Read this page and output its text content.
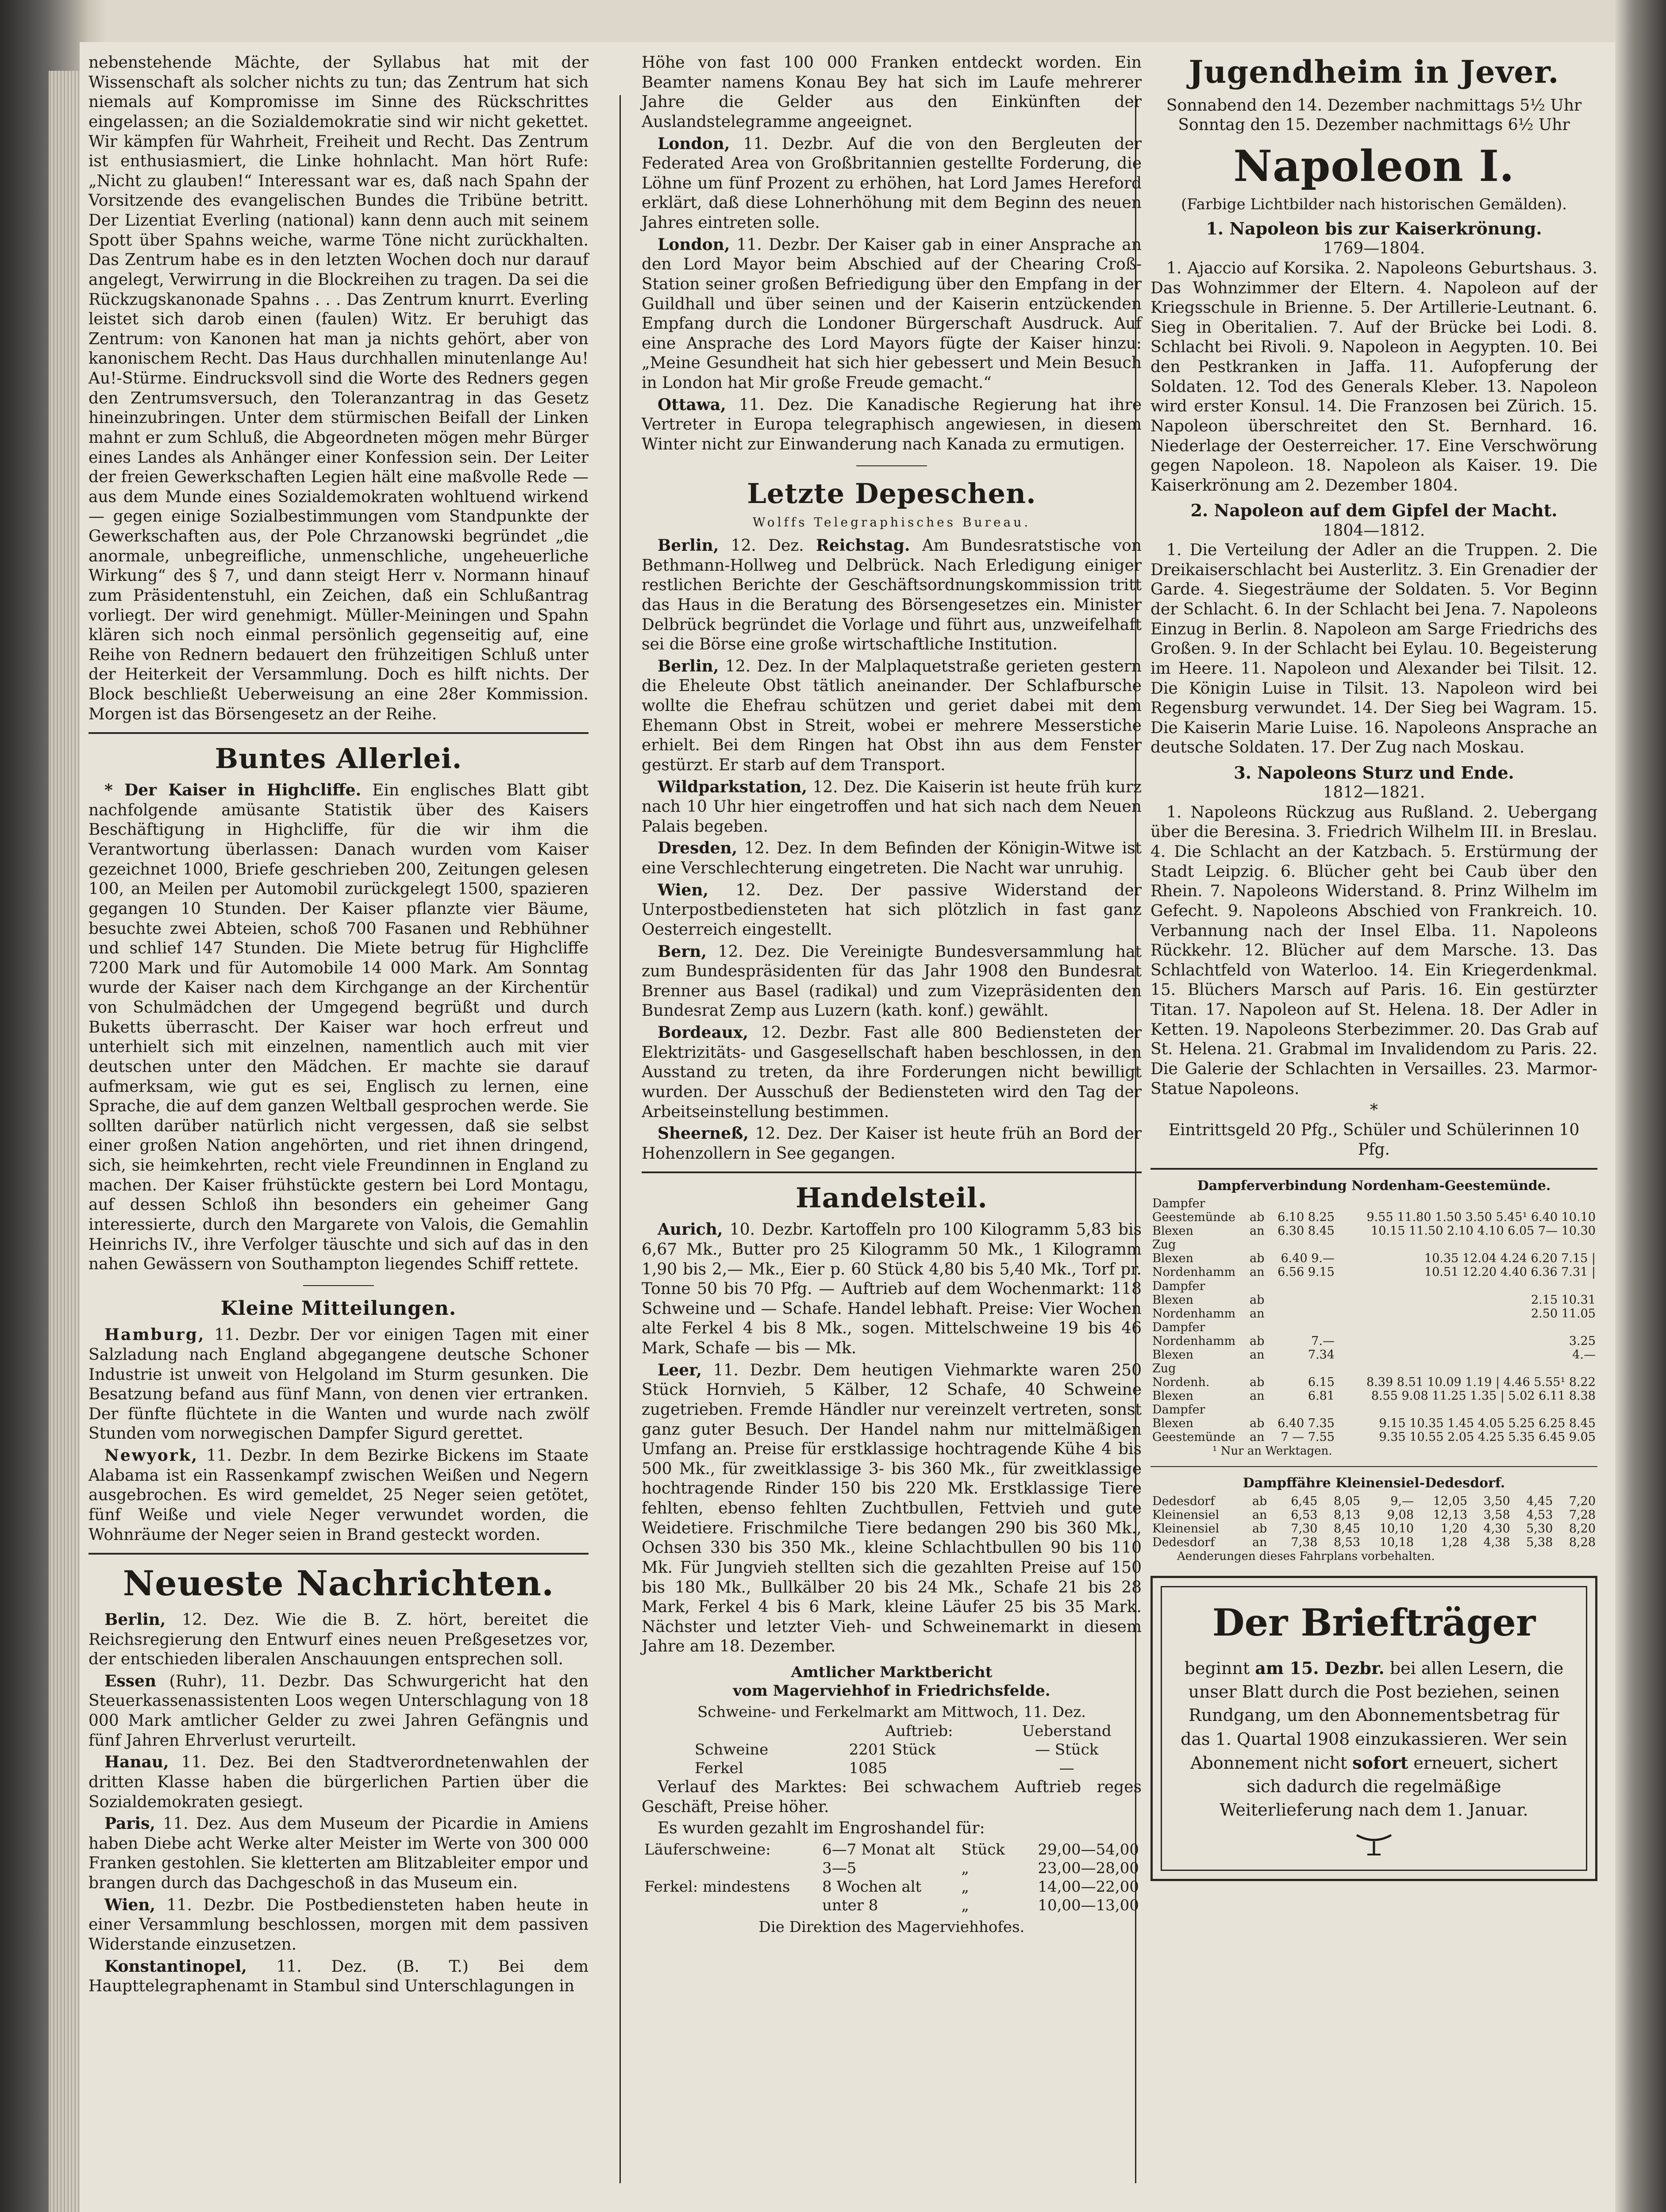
nebenstehende Mächte, der Syllabus hat mit der Wissenschaft als solcher nichts zu tun; das Zentrum hat sich niemals auf Kompromisse im Sinne des Rückschrittes eingelassen; an die Sozialdemokratie sind wir nicht gekettet. Wir kämpfen für Wahrheit, Freiheit und Recht. Das Zentrum ist enthusiasmiert, die Linke hohnlacht. Man hört Rufe: „Nicht zu glauben!“ Interessant war es, daß nach Spahn der Vorsitzende des evangelischen Bundes die Tribüne betritt. Der Lizentiat Everling (national) kann denn auch mit seinem Spott über Spahns weiche, warme Töne nicht zurückhalten. Das Zentrum habe es in den letzten Wochen doch nur darauf angelegt, Verwirrung in die Blockreihen zu tragen. Da sei die Rückzugskanonade Spahns . . . Das Zentrum knurrt. Everling leistet sich darob einen (faulen) Witz. Er beruhigt das Zentrum: von Kanonen hat man ja nichts gehört, aber von kanonischem Recht. Das Haus durchhallen minutenlange Au! Au!-Stürme. Eindrucksvoll sind die Worte des Redners gegen den Zentrumsversuch, den Toleranzantrag in das Gesetz hineinzubringen. Unter dem stürmischen Beifall der Linken mahnt er zum Schluß, die Abgeordneten mögen mehr Bürger eines Landes als Anhänger einer Konfession sein. Der Leiter der freien Gewerkschaften Legien hält eine maßvolle Rede — aus dem Munde eines Sozialdemokraten wohltuend wirkend — gegen einige Sozialbestimmungen vom Standpunkte der Gewerkschaften aus, der Pole Chrzanowski begründet „die anormale, unbegreifliche, unmenschliche, ungeheuerliche Wirkung“ des § 7, und dann steigt Herr v. Normann hinauf zum Präsidentenstuhl, ein Zeichen, daß ein Schlußantrag vorliegt. Der wird genehmigt. Müller-Meiningen und Spahn klären sich noch einmal persönlich gegenseitig auf, eine Reihe von Rednern bedauert den frühzeitigen Schluß unter der Heiterkeit der Versammlung. Doch es hilft nichts. Der Block beschließt Ueberweisung an eine 28er Kommission. Morgen ist das Börsengesetz an der Reihe.

Buntes Allerlei.

* Der Kaiser in Highcliffe. Ein englisches Blatt gibt nachfolgende amüsante Statistik über des Kaisers Beschäftigung in Highcliffe, für die wir ihm die Verantwortung überlassen: Danach wurden vom Kaiser gezeichnet 1000, Briefe geschrieben 200, Zeitungen gelesen 100, an Meilen per Automobil zurückgelegt 1500, spazieren gegangen 10 Stunden. Der Kaiser pflanzte vier Bäume, besuchte zwei Abteien, schoß 700 Fasanen und Rebhühner und schlief 147 Stunden. Die Miete betrug für Highcliffe 7200 Mark und für Automobile 14 000 Mark. Am Sonntag wurde der Kaiser nach dem Kirchgange an der Kirchentür von Schulmädchen der Umgegend begrüßt und durch Buketts überrascht. Der Kaiser war hoch erfreut und unterhielt sich mit einzelnen, namentlich auch mit vier deutschen unter den Mädchen. Er machte sie darauf aufmerksam, wie gut es sei, Englisch zu lernen, eine Sprache, die auf dem ganzen Weltball gesprochen werde. Sie sollten darüber natürlich nicht vergessen, daß sie selbst einer großen Nation angehörten, und riet ihnen dringend, sich, sie heimkehrten, recht viele Freundinnen in England zu machen. Der Kaiser frühstückte gestern bei Lord Montagu, auf dessen Schloß ihn besonders ein geheimer Gang interessierte, durch den Margarete von Valois, die Gemahlin Heinrichs IV., ihre Verfolger täuschte und sich auf das in den nahen Gewässern von Southampton liegendes Schiff rettete.

Kleine Mitteilungen.

Hamburg, 11. Dezbr. Der vor einigen Tagen mit einer Salzladung nach England abgegangene deutsche Schoner Industrie ist unweit von Helgoland im Sturm gesunken. Die Besatzung befand aus fünf Mann, von denen vier ertranken. Der fünfte flüchtete in die Wanten und wurde nach zwölf Stunden vom norwegischen Dampfer Sigurd gerettet.

Newyork, 11. Dezbr. In dem Bezirke Bickens im Staate Alabama ist ein Rassenkampf zwischen Weißen und Negern ausgebrochen. Es wird gemeldet, 25 Neger seien getötet, fünf Weiße und viele Neger verwundet worden, die Wohnräume der Neger seien in Brand gesteckt worden.

Neueste Nachrichten.

Berlin, 12. Dez. Wie die B. Z. hört, bereitet die Reichsregierung den Entwurf eines neuen Preßgesetzes vor, der entschieden liberalen Anschauungen entsprechen soll.

Essen (Ruhr), 11. Dezbr. Das Schwurgericht hat den Steuerkassenassistenten Loos wegen Unterschlagung von 18 000 Mark amtlicher Gelder zu zwei Jahren Gefängnis und fünf Jahren Ehrverlust verurteilt.

Hanau, 11. Dez. Bei den Stadtverordnetenwahlen der dritten Klasse haben die bürgerlichen Partien über die Sozialdemokraten gesiegt.

Paris, 11. Dez. Aus dem Museum der Picardie in Amiens haben Diebe acht Werke alter Meister im Werte von 300 000 Franken gestohlen. Sie kletterten am Blitzableiter empor und brangen durch das Dachgeschoß in das Museum ein.

Wien, 11. Dezbr. Die Postbediensteten haben heute in einer Versammlung beschlossen, morgen mit dem passiven Widerstande einzusetzen.

Konstantinopel, 11. Dez. (B. T.) Bei dem Haupttelegraphenamt in Stambul sind Unterschlagungen in

Höhe von fast 100 000 Franken entdeckt worden. Ein Beamter namens Konau Bey hat sich im Laufe mehrerer Jahre die Gelder aus den Einkünften der Auslandstelegramme angeeignet.

London, 11. Dezbr. Auf die von den Bergleuten der Federated Area von Großbritannien gestellte Forderung, die Löhne um fünf Prozent zu erhöhen, hat Lord James Hereford erklärt, daß diese Lohnerhöhung mit dem Beginn des neuen Jahres eintreten solle.

London, 11. Dezbr. Der Kaiser gab in einer Ansprache an den Lord Mayor beim Abschied auf der Chearing Croß-Station seiner großen Befriedigung über den Empfang in der Guildhall und über seinen und der Kaiserin entzückenden Empfang durch die Londoner Bürgerschaft Ausdruck. Auf eine Ansprache des Lord Mayors fügte der Kaiser hinzu: „Meine Gesundheit hat sich hier gebessert und Mein Besuch in London hat Mir große Freude gemacht.“

Ottawa, 11. Dez. Die Kanadische Regierung hat ihre Vertreter in Europa telegraphisch angewiesen, in diesem Winter nicht zur Einwanderung nach Kanada zu ermutigen.

Letzte Depeschen.
Wolffs Telegraphisches Bureau.

Berlin, 12. Dez. Reichstag. Am Bundesratstische von Bethmann-Hollweg und Delbrück. Nach Erledigung einiger restlichen Berichte der Geschäftsordnungskommission tritt das Haus in die Beratung des Börsengesetzes ein. Minister Delbrück begründet die Vorlage und führt aus, unzweifelhaft sei die Börse eine große wirtschaftliche Institution.

Berlin, 12. Dez. In der Malplaquetstraße gerieten gestern die Eheleute Obst tätlich aneinander. Der Schlafbursche wollte die Ehefrau schützen und geriet dabei mit dem Ehemann Obst in Streit, wobei er mehrere Messerstiche erhielt. Bei dem Ringen hat Obst ihn aus dem Fenster gestürzt. Er starb auf dem Transport.

Wildparkstation, 12. Dez. Die Kaiserin ist heute früh kurz nach 10 Uhr hier eingetroffen und hat sich nach dem Neuen Palais begeben.

Dresden, 12. Dez. In dem Befinden der Königin-Witwe ist eine Verschlechterung eingetreten. Die Nacht war unruhig.

Wien, 12. Dez. Der passive Widerstand der Unterpostbediensteten hat sich plötzlich in fast ganz Oesterreich eingestellt.

Bern, 12. Dez. Die Vereinigte Bundesversammlung hat zum Bundespräsidenten für das Jahr 1908 den Bundesrat Brenner aus Basel (radikal) und zum Vizepräsidenten den Bundesrat Zemp aus Luzern (kath. konf.) gewählt.

Bordeaux, 12. Dezbr. Fast alle 800 Bediensteten der Elektrizitäts- und Gasgesellschaft haben beschlossen, in den Ausstand zu treten, da ihre Forderungen nicht bewilligt wurden. Der Ausschuß der Bediensteten wird den Tag der Arbeitseinstellung bestimmen.

Sheerneß, 12. Dez. Der Kaiser ist heute früh an Bord der Hohenzollern in See gegangen.

Handelsteil.

Aurich, 10. Dezbr. Kartoffeln pro 100 Kilogramm 5,83 bis 6,67 Mk., Butter pro 25 Kilogramm 50 Mk., 1 Kilogramm 1,90 bis 2,— Mk., Eier p. 60 Stück 4,80 bis 5,40 Mk., Torf pr. Tonne 50 bis 70 Pfg. — Auftrieb auf dem Wochenmarkt: 118 Schweine und — Schafe. Handel lebhaft. Preise: Vier Wochen alte Ferkel 4 bis 8 Mk., sogen. Mittelschweine 19 bis 46 Mark, Schafe — bis — Mk.

Leer, 11. Dezbr. Dem heutigen Viehmarkte waren 250 Stück Hornvieh, 5 Kälber, 12 Schafe, 40 Schweine zugetrieben. Fremde Händler nur vereinzelt vertreten, sonst ganz guter Besuch. Der Handel nahm nur mittelmäßigen Umfang an. Preise für erstklassige hochtragende Kühe 4 bis 500 Mk., für zweitklassige 3- bis 360 Mk., für zweitklassige hochtragende Rinder 150 bis 220 Mk. Erstklassige Tiere fehlten, ebenso fehlten Zuchtbullen, Fettvieh und gute Weidetiere. Frischmilche Tiere bedangen 290 bis 360 Mk., Ochsen 330 bis 350 Mk., kleine Schlachtbullen 90 bis 110 Mk. Für Jungvieh stellten sich die gezahlten Preise auf 150 bis 180 Mk., Bullkälber 20 bis 24 Mk., Schafe 21 bis 28 Mark, Ferkel 4 bis 6 Mark, kleine Läufer 25 bis 35 Mark. Nächster und letzter Vieh- und Schweinemarkt in diesem Jahre am 18. Dezember.

Amtlicher Marktbericht
vom Magerviehhof in Friedrichsfelde.
Schweine- und Ferkelmarkt am Mittwoch, 11. Dez.
	Auftrieb:	Ueberstand
Schweine	2201 Stück	— Stück
Ferkel	1085	—

Verlauf des Marktes: Bei schwachem Auftrieb reges Geschäft, Preise höher.

Es wurden gezahlt im Engroshandel für:

Läuferschweine:	6—7 Monat alt	Stück	29,00—54,00
	3—5	„	23,00—28,00
Ferkel: mindestens	8 Wochen alt	„	14,00—22,00
	unter 8	„	10,00—13,00
Die Direktion des Magerviehhofes.
Jugendheim in Jever.
Sonnabend den 14. Dezember nachmittags 5½ Uhr
Sonntag den 15. Dezember nachmittags 6½ Uhr
Napoleon I.
(Farbige Lichtbilder nach historischen Gemälden).
1. Napoleon bis zur Kaiserkrönung.
1769—1804.

1. Ajaccio auf Korsika. 2. Napoleons Geburtshaus. 3. Das Wohnzimmer der Eltern. 4. Napoleon auf der Kriegsschule in Brienne. 5. Der Artillerie-Leutnant. 6. Sieg in Oberitalien. 7. Auf der Brücke bei Lodi. 8. Schlacht bei Rivoli. 9. Napoleon in Aegypten. 10. Bei den Pestkranken in Jaffa. 11. Aufopferung der Soldaten. 12. Tod des Generals Kleber. 13. Napoleon wird erster Konsul. 14. Die Franzosen bei Zürich. 15. Napoleon überschreitet den St. Bernhard. 16. Niederlage der Oesterreicher. 17. Eine Verschwörung gegen Napoleon. 18. Napoleon als Kaiser. 19. Die Kaiserkrönung am 2. Dezember 1804.

2. Napoleon auf dem Gipfel der Macht.
1804—1812.

1. Die Verteilung der Adler an die Truppen. 2. Die Dreikaiserschlacht bei Austerlitz. 3. Ein Grenadier der Garde. 4. Siegesträume der Soldaten. 5. Vor Beginn der Schlacht. 6. In der Schlacht bei Jena. 7. Napoleons Einzug in Berlin. 8. Napoleon am Sarge Friedrichs des Großen. 9. In der Schlacht bei Eylau. 10. Begeisterung im Heere. 11. Napoleon und Alexander bei Tilsit. 12. Die Königin Luise in Tilsit. 13. Napoleon wird bei Regensburg verwundet. 14. Der Sieg bei Wagram. 15. Die Kaiserin Marie Luise. 16. Napoleons Ansprache an deutsche Soldaten. 17. Der Zug nach Moskau.

3. Napoleons Sturz und Ende.
1812—1821.

1. Napoleons Rückzug aus Rußland. 2. Uebergang über die Beresina. 3. Friedrich Wilhelm III. in Breslau. 4. Die Schlacht an der Katzbach. 5. Erstürmung der Stadt Leipzig. 6. Blücher geht bei Caub über den Rhein. 7. Napoleons Widerstand. 8. Prinz Wilhelm im Gefecht. 9. Napoleons Abschied von Frankreich. 10. Verbannung nach der Insel Elba. 11. Napoleons Rückkehr. 12. Blücher auf dem Marsche. 13. Das Schlachtfeld von Waterloo. 14. Ein Kriegerdenkmal. 15. Blüchers Marsch auf Paris. 16. Ein gestürzter Titan. 17. Napoleon auf St. Helena. 18. Der Adler in Ketten. 19. Napoleons Sterbezimmer. 20. Das Grab auf St. Helena. 21. Grabmal im Invalidendom zu Paris. 22. Die Galerie der Schlachten in Versailles. 23. Marmor-Statue Napoleons.

*
Eintrittsgeld 20 Pfg., Schüler und Schülerinnen 10 Pfg.
Dampferverbindung Nordenham-Geestemünde.
Dampfer			
Geestemünde	ab	6.10 8.25	9.55 11.80 1.50 3.50 5.45¹ 6.40 10.10
Blexen	an	6.30 8.45	10.15 11.50 2.10 4.10 6.05 7— 10.30
Zug			
Blexen	ab	6.40 9.—	10.35 12.04 4.24 6.20 7.15 |
Nordenhamm	an	6.56 9.15	10.51 12.20 4.40 6.36 7.31 |
Dampfer			
Blexen	ab		2.15 10.31
Nordenhamm	an		2.50 11.05
Dampfer			
Nordenhamm	ab	7.—	3.25
Blexen	an	7.34	4.—
Zug			
Nordenh.	ab	6.15	8.39 8.51 10.09 1.19 | 4.46 5.55¹ 8.22
Blexen	an	6.81	8.55 9.08 11.25 1.35 | 5.02 6.11 8.38
Dampfer			
Blexen	ab	6.40 7.35	9.15 10.35 1.45 4.05 5.25 6.25 8.45
Geestemünde	an	7 — 7.55	9.35 10.55 2.05 4.25 5.35 6.45 9.05
¹ Nur an Werktagen.
Dampffähre Kleinensiel-Dedesdorf.
Dedesdorf	ab	6,45	8,05	9,—	12,05	3,50	4,45	7,20
Kleinensiel	an	6,53	8,13	9,08	12,13	3,58	4,53	7,28
Kleinensiel	ab	7,30	8,45	10,10	1,20	4,30	5,30	8,20
Dedesdorf	an	7,38	8,53	10,18	1,28	4,38	5,38	8,28
Aenderungen dieses Fahrplans vorbehalten.
Der Briefträger
beginnt am 15. Dezbr. bei allen Lesern, die unser Blatt durch die Post beziehen, seinen Rundgang, um den Abonnementsbetrag für das 1. Quartal 1908 einzukassieren. Wer sein Abonnement nicht sofort erneuert, sichert sich dadurch die regelmäßige Weiterlieferung nach dem 1. Januar.
